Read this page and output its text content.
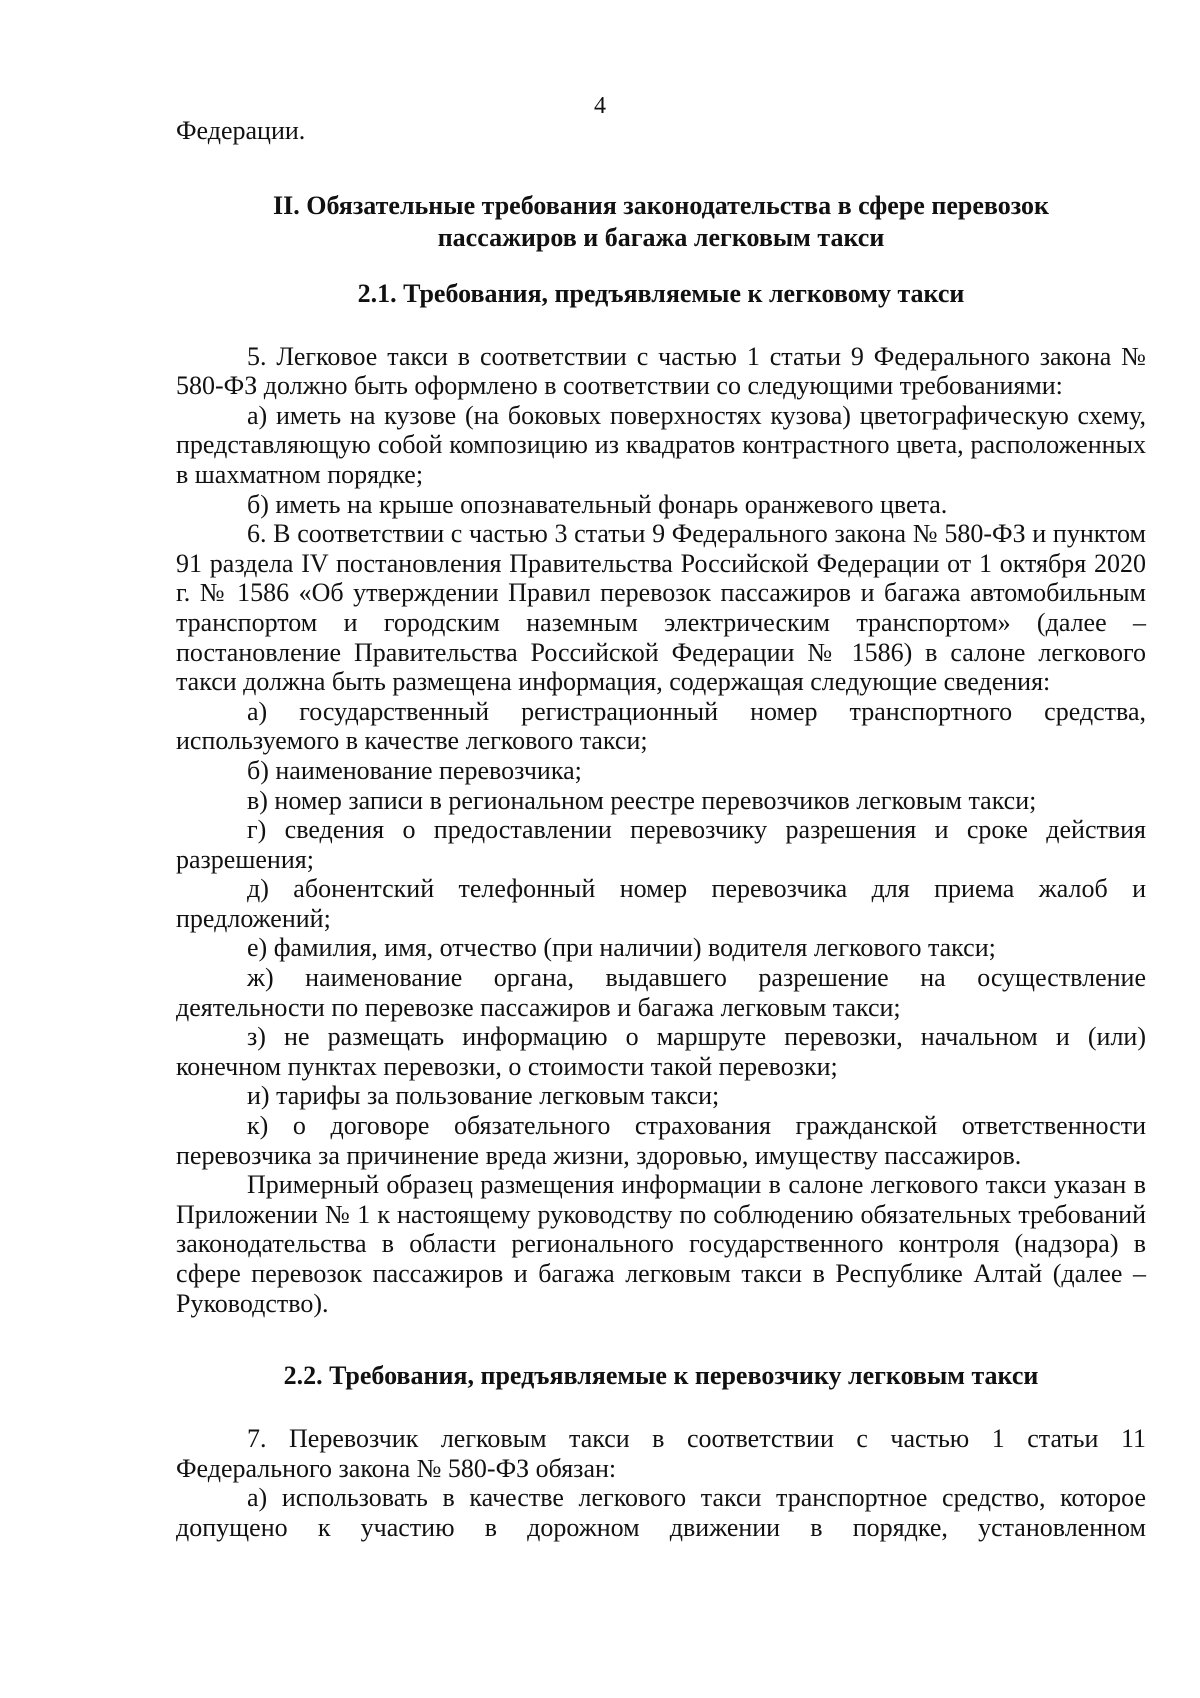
4

Федерации.

II. Обязательные требования законодательства в сфере перевозок
пассажиров и багажа легковым такси
2.1. Требования, предъявляемые к легковому такси

5. Легковое такси в соответствии с частью 1 статьи 9 Федерального закона № 580-ФЗ должно быть оформлено в соответствии со следующими требованиями:

а) иметь на кузове (на боковых поверхностях кузова) цветографическую схему, представляющую собой композицию из квадратов контрастного цвета, расположенных в шахматном порядке;

б) иметь на крыше опознавательный фонарь оранжевого цвета.

6. В соответствии с частью 3 статьи 9 Федерального закона № 580-ФЗ и пунктом 91 раздела IV постановления Правительства Российской Федерации от 1 октября 2020 г. № 1586 «Об утверждении Правил перевозок пассажиров и багажа автомобильным транспортом и городским наземным электрическим транспортом» (далее – постановление Правительства Российской Федерации № 1586) в салоне легкового такси должна быть размещена информация, содержащая следующие сведения:

а) государственный регистрационный номер транспортного средства, используемого в качестве легкового такси;

б) наименование перевозчика;

в) номер записи в региональном реестре перевозчиков легковым такси;

г) сведения о предоставлении перевозчику разрешения и сроке действия разрешения;

д) абонентский телефонный номер перевозчика для приема жалоб и предложений;

е) фамилия, имя, отчество (при наличии) водителя легкового такси;

ж) наименование органа, выдавшего разрешение на осуществление деятельности по перевозке пассажиров и багажа легковым такси;

з) не размещать информацию о маршруте перевозки, начальном и (или) конечном пунктах перевозки, о стоимости такой перевозки;

и) тарифы за пользование легковым такси;

к) о договоре обязательного страхования гражданской ответственности перевозчика за причинение вреда жизни, здоровью, имуществу пассажиров.

Примерный образец размещения информации в салоне легкового такси указан в Приложении № 1 к настоящему руководству по соблюдению обязательных требований законодательства в области регионального государственного контроля (надзора) в сфере перевозок пассажиров и багажа легковым такси в Республике Алтай (далее – Руководство).

2.2. Требования, предъявляемые к перевозчику легковым такси

7. Перевозчик легковым такси в соответствии с частью 1 статьи 11 Федерального закона № 580-ФЗ обязан:

а) использовать в качестве легкового такси транспортное средство, которое допущено к участию в дорожном движении в порядке, установленном
